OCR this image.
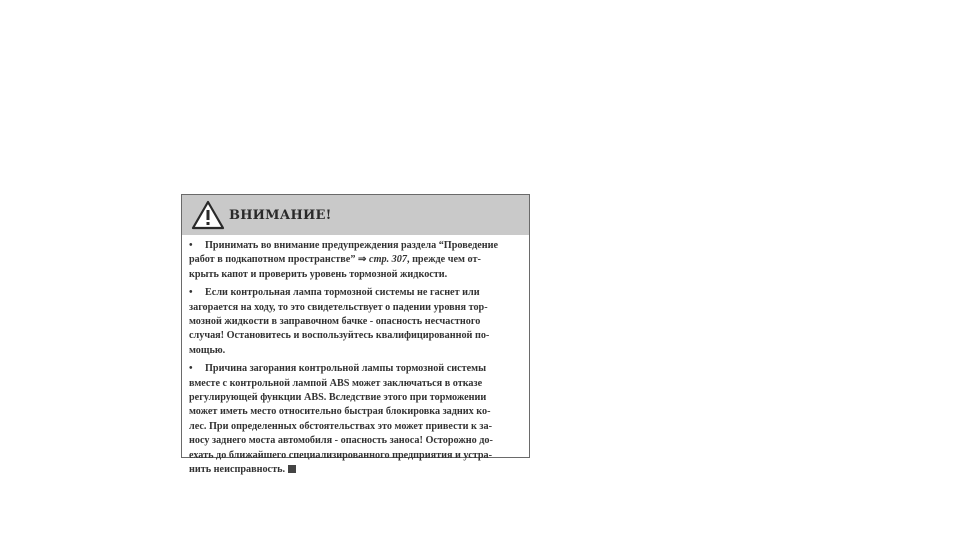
ВНИМАНИЕ!
• Принимать во внимание предупреждения раздела “Проведение
работ в подкапотном пространстве” ⇒ стр. 307, прежде чем от-
крыть капот и проверить уровень тормозной жидкости.
• Если контрольная лампа тормозной системы не гаснет или
загорается на ходу, то это свидетельствует о падении уровня тор-
мозной жидкости в заправочном бачке - опасность несчастного
случая! Остановитесь и воспользуйтесь квалифицированной по-
мощью.
• Причина загорания контрольной лампы тормозной системы
вместе с контрольной лампой ABS может заключаться в отказе
регулирующей функции ABS. Вследствие этого при торможении
может иметь место относительно быстрая блокировка задних ко-
лес. При определенных обстоятельствах это может привести к за-
носу заднего моста автомобиля - опасность заноса! Осторожно до-
ехать до ближайшего специализированного предприятия и устра-
нить неисправность.
